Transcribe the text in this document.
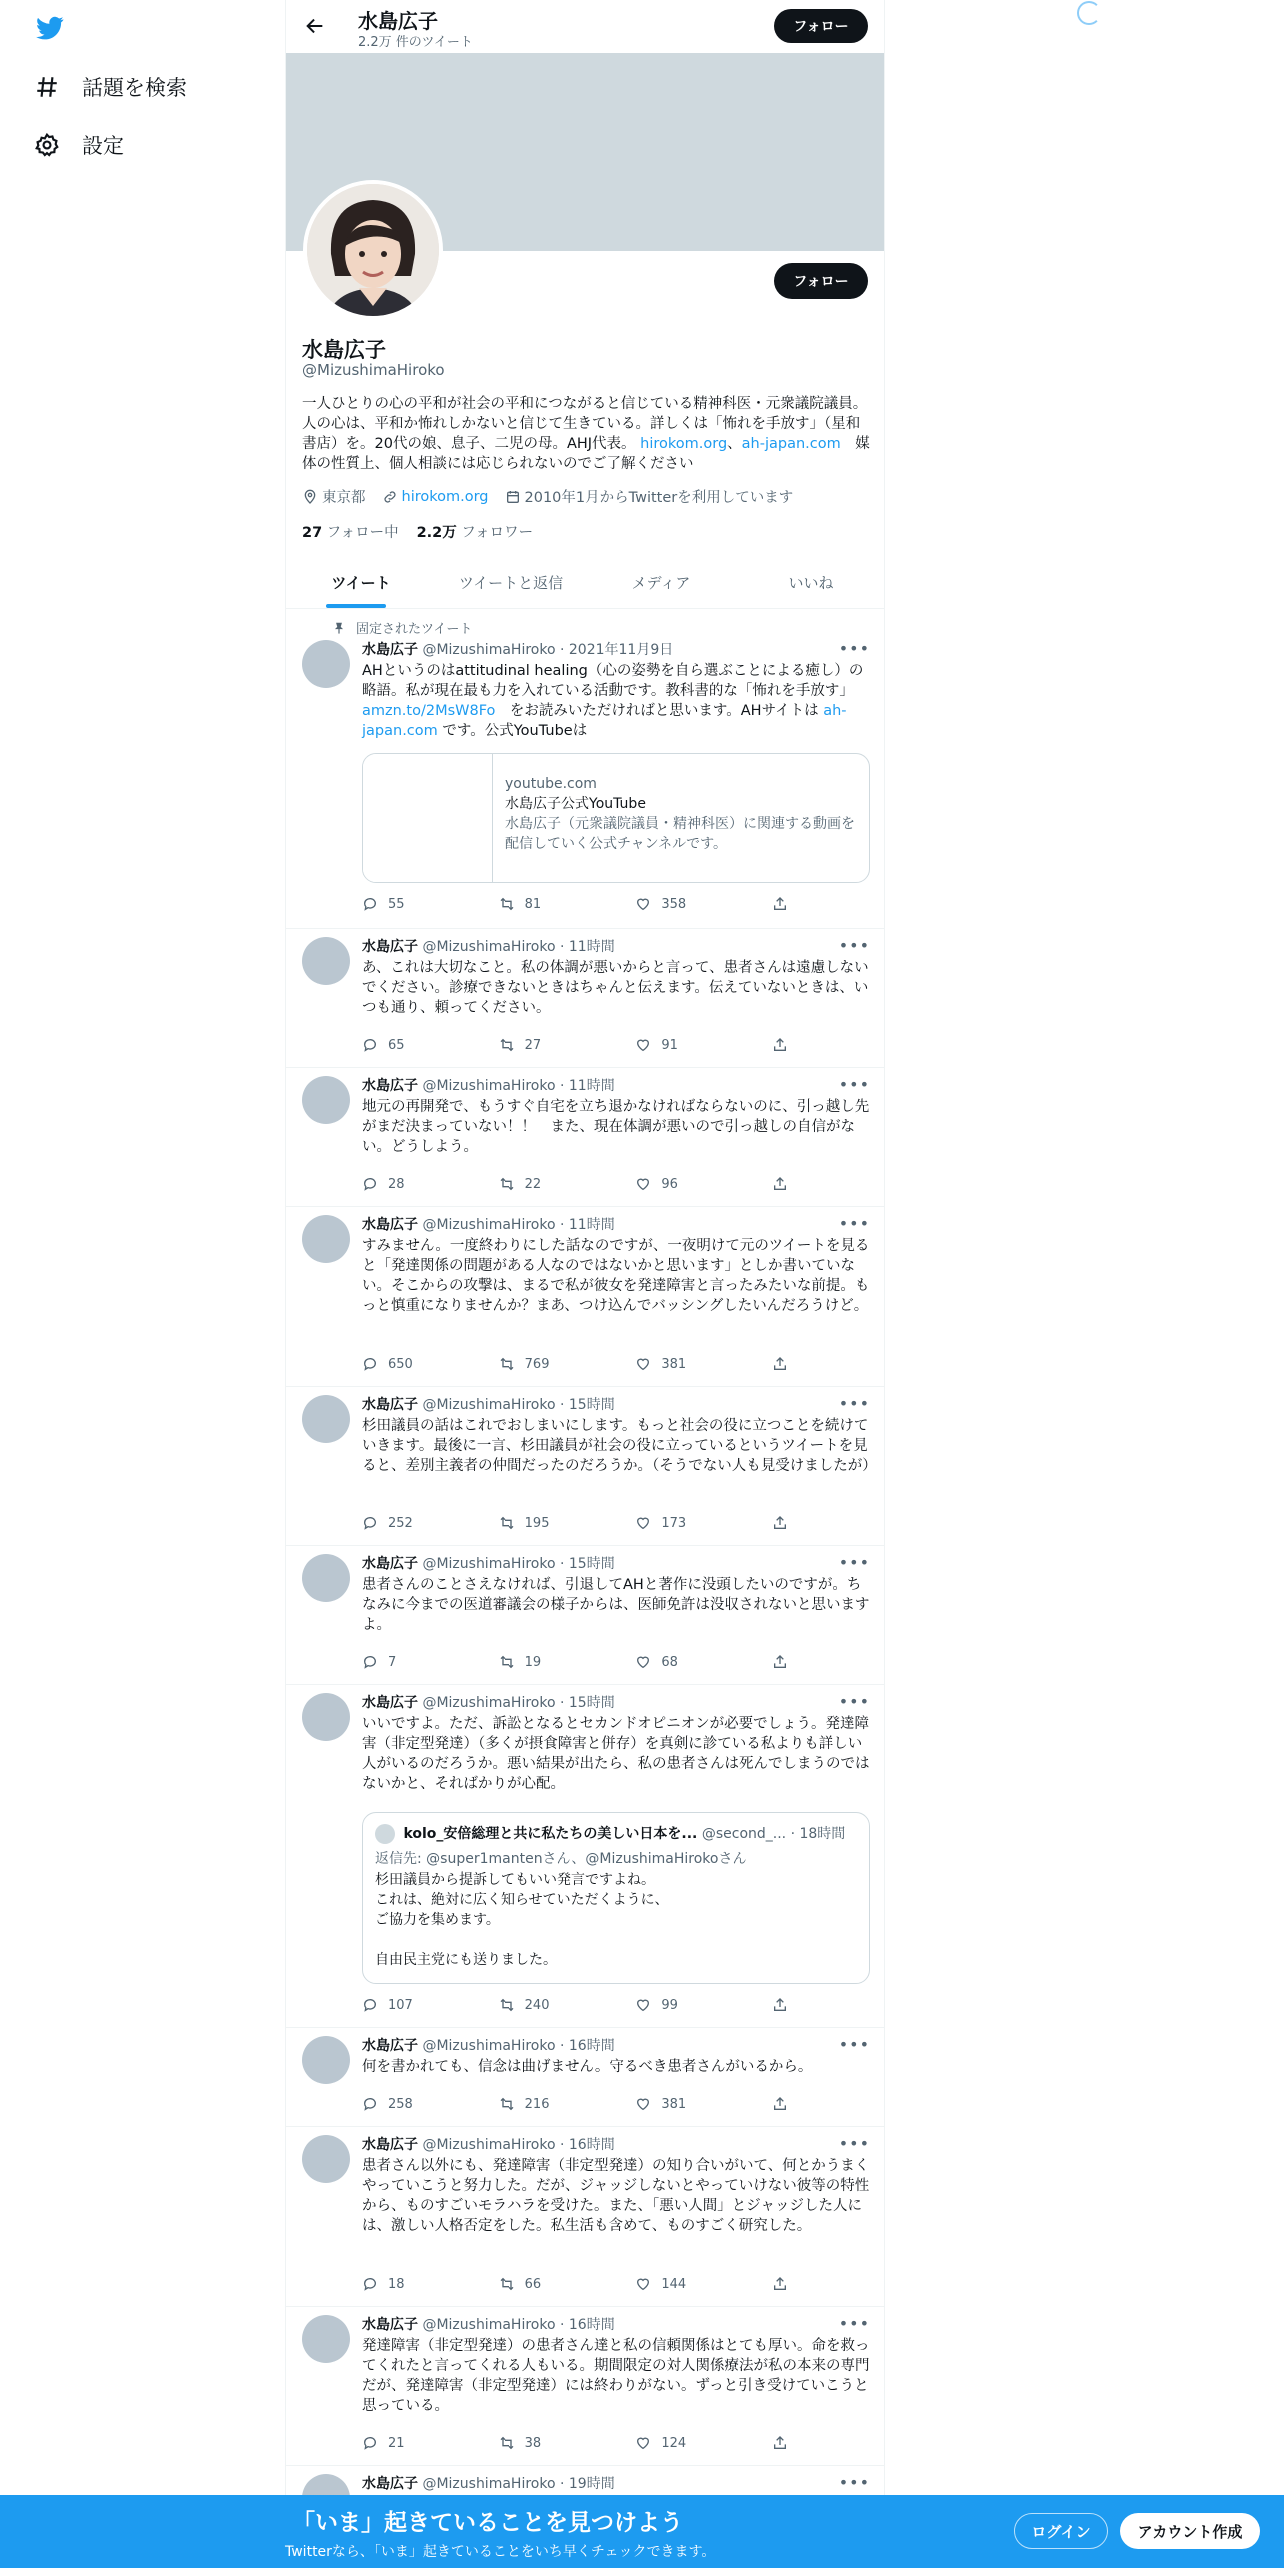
話題を検索
設定
水島広子
2.2万 件のツイート
フォロー
フォロー
水島広子
@MizushimaHiroko
一人ひとりの心の平和が社会の平和につながると信じている精神科医・元衆議院議員。人の心は、平和か怖れしかないと信じて生きている。詳しくは「怖れを手放す」（星和書店）を。20代の娘、息子、二児の母。AHJ代表。 hirokom.org、ah-japan.com　媒体の性質上、個人相談には応じられないのでご了解ください
東京都 hirokom.org 2010年1月からTwitterを利用しています
27 フォロー中 2.2万 フォロワー
ツイート	ツイートと返信	メディア	いいね
固定されたツイート
水島広子 @MizushimaHiroko · 2021年11月9日	•••
AHというのはattitudinal healing（心の姿勢を自ら選ぶことによる癒し）の略語。私が現在最も力を入れている活動です。教科書的な「怖れを手放す」　amzn.to/2MsW8Fo　をお読みいただければと思います。AHサイトは ah-japan.com です。公式YouTubeは
youtube.com
水島広子公式YouTube
水島広子（元衆議院議員・精神科医）に関連する動画を配信していく公式チャンネルです。
55	81	358
水島広子 @MizushimaHiroko · 11時間	•••
あ、これは大切なこと。私の体調が悪いからと言って、患者さんは遠慮しないでください。診療できないときはちゃんと伝えます。伝えていないときは、いつも通り、頼ってください。
65	27	91
水島広子 @MizushimaHiroko · 11時間	•••
地元の再開発で、もうすぐ自宅を立ち退かなければならないのに、引っ越し先がまだ決まっていない！！　また、現在体調が悪いので引っ越しの自信がない。どうしよう。
28	22	96
水島広子 @MizushimaHiroko · 11時間	•••
すみません。一度終わりにした話なのですが、一夜明けて元のツイートを見ると「発達関係の問題がある人なのではないかと思います」としか書いていない。そこからの攻撃は、まるで私が彼女を発達障害と言ったみたいな前提。もっと慎重になりませんか？まあ、つけ込んでバッシングしたいんだろうけど。
650	769	381
水島広子 @MizushimaHiroko · 15時間	•••
杉田議員の話はこれでおしまいにします。もっと社会の役に立つことを続けていきます。最後に一言、杉田議員が社会の役に立っているというツイートを見ると、差別主義者の仲間だったのだろうか。（そうでない人も見受けましたが）
252	195	173
水島広子 @MizushimaHiroko · 15時間	•••
患者さんのことさえなければ、引退してAHと著作に没頭したいのですが。ちなみに今までの医道審議会の様子からは、医師免許は没収されないと思いますよ。
7	19	68
水島広子 @MizushimaHiroko · 15時間	•••
いいですよ。ただ、訴訟となるとセカンドオピニオンが必要でしょう。発達障害（非定型発達）（多くが摂食障害と併存）を真剣に診ている私よりも詳しい人がいるのだろうか。悪い結果が出たら、私の患者さんは死んでしまうのではないかと、そればかりが心配。
kolo_安倍総理と共に私たちの美しい日本を... @second_... · 18時間
返信先: @super1mantenさん、@MizushimaHirokoさん
杉田議員から提訴してもいい発言ですよね。
これは、絶対に広く知らせていただくように、
ご協力を集めます。

自由民主党にも送りました。
107	240	99
水島広子 @MizushimaHiroko · 16時間	•••
何を書かれても、信念は曲げません。守るべき患者さんがいるから。
258	216	381
水島広子 @MizushimaHiroko · 16時間	•••
患者さん以外にも、発達障害（非定型発達）の知り合いがいて、何とかうまくやっていこうと努力した。だが、ジャッジしないとやっていけない彼等の特性から、ものすごいモラハラを受けた。また、「悪い人間」とジャッジした人には、激しい人格否定をした。私生活も含めて、ものすごく研究した。
18	66	144
水島広子 @MizushimaHiroko · 16時間	•••
発達障害（非定型発達）の患者さん達と私の信頼関係はとても厚い。命を救ってくれたと言ってくれる人もいる。期間限定の対人関係療法が私の本来の専門だが、発達障害（非定型発達）には終わりがない。ずっと引き受けていこうと思っている。
21	38	124
水島広子 @MizushimaHiroko · 19時間	•••
「いま」起きていることを見つけよう
Twitterなら、「いま」起きていることをいち早くチェックできます。
ログイン	アカウント作成
